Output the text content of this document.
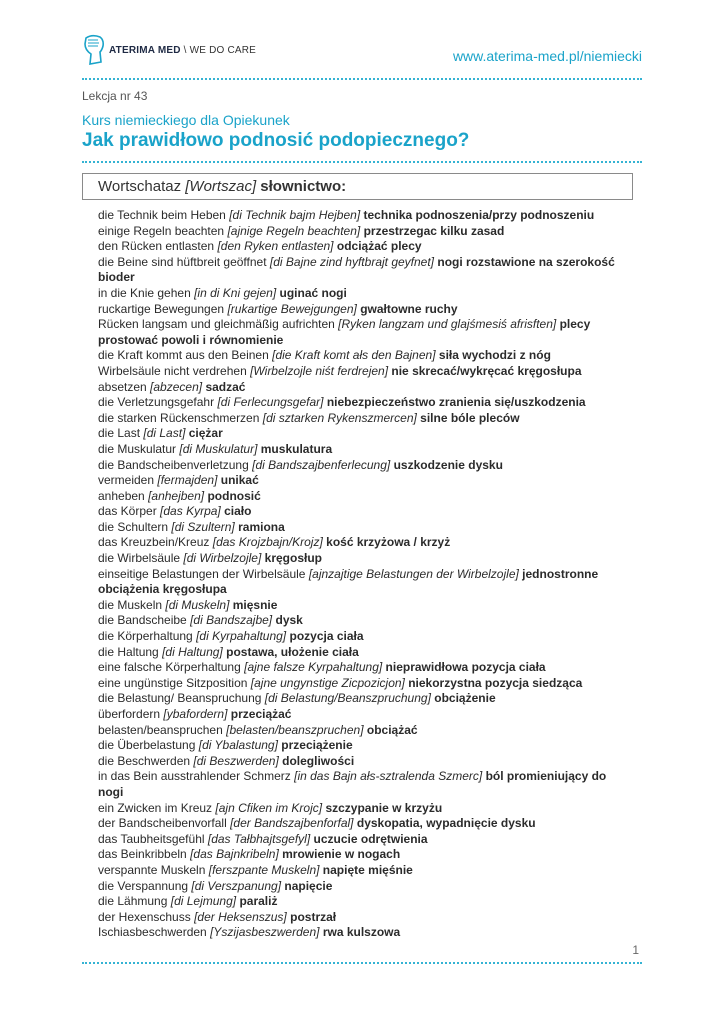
ATERIMA MED \ WE DO CARE	www.aterima-med.pl/niemiecki
Lekcja nr 43
Kurs niemieckiego dla Opiekunek
Jak prawidłowo podnosić podopiecznego?
Wortschataz [Wortszac] słownictwo:
die Technik beim Heben [di Technik bajm Hejben] technika podnoszenia/przy podnoszeniu
einige Regeln beachten [ajnige Regeln beachten] przestrzegac kilku zasad
den Rücken entlasten [den Ryken entlasten] odciążać plecy
die Beine sind hüftbreit geöffnet [di Bajne zind hyftbrajt geyfnet] nogi rozstawione na szerokość bioder
in die Knie gehen [in di Kni gejen] uginać nogi
ruckartige Bewegungen [rukartige Bewejgungen] gwałtowne ruchy
Rücken langsam und gleichmäßig aufrichten [Ryken langzam und glajśmesiś afrisften] plecy prostować powoli i równomienie
die Kraft kommt aus den Beinen [die Kraft komt ałs den Bajnen] siła wychodzi z nóg
Wirbelsäule nicht verdrehen [Wirbelzojle niśt ferdrejen] nie skrecać/wykręcać kręgosłupa
absetzen [abzecen] sadzać
die Verletzungsgefahr [di Ferlecungsgefar] niebezpieczeństwo zranienia się/uszkodzenia
die starken Rückenschmerzen [di sztarken Rykenszmercen] silne bóle pleców
die Last [di Last] ciężar
die Muskulatur [di Muskulatur] muskulatura
die Bandscheibenverletzung [di Bandszajbenferlecung] uszkodzenie dysku
vermeiden [fermajden] unikać
anheben [anhejben] podnosić
das Körper [das Kyrpa] ciało
die Schultern [di Szultern] ramiona
das Kreuzbein/Kreuz [das Krojzbajn/Krojz] kość krzyżowa / krzyż
die Wirbelsäule [di Wirbelzojle] kręgosłup
einseitige Belastungen der Wirbelsäule [ajnzajtige Belastungen der Wirbelzojle] jednostronne obciążenia kręgosłupa
die Muskeln [di Muskeln] mięsnie
die Bandscheibe [di Bandszajbe] dysk
die Körperhaltung [di Kyrpahaltung] pozycja ciała
die Haltung [di Haltung] postawa, ułożenie ciała
eine falsche Körperhaltung [ajne falsze Kyrpahaltung] nieprawidłowa pozycja ciała
eine ungünstige Sitzposition [ajne ungynstige Zicpozicjon] niekorzystna pozycja siedząca
die Belastung/ Beanspruchung [di Belastung/Beanszpruchung] obciążenie
überfordern [ybafordern] przeciążać
belasten/beanspruchen [belasten/beanszpruchen] obciążać
die Überbelastung [di Ybalastung] przeciążenie
die Beschwerden [di Beszwerden] dolegliwości
in das Bein ausstrahlender Schmerz [in das Bajn ałs-sztralenda Szmerc] ból promieniujący do nogi
ein Zwicken im Kreuz [ajn Cfiken im Krojc] szczypanie w krzyżu
der Bandscheibenvorfall [der Bandszajbenforfal] dyskopatia, wypadnięcie dysku
das Taubheitsgefühl [das Tałbhajtsgefyl] uczucie odrętwienia
das Beinkribbeln [das Bajnkribeln] mrowienie w nogach
verspannte Muskeln [ferszpante Muskeln] napięte mięśnie
die Verspannung [di Verszpanung] napięcie
die Lähmung [di Lejmung] paraliż
der Hexenschuss [der Heksenszus] postrzał
Ischiasbeschwerden [Yszijasbeszwerden] rwa kulszowa
1
